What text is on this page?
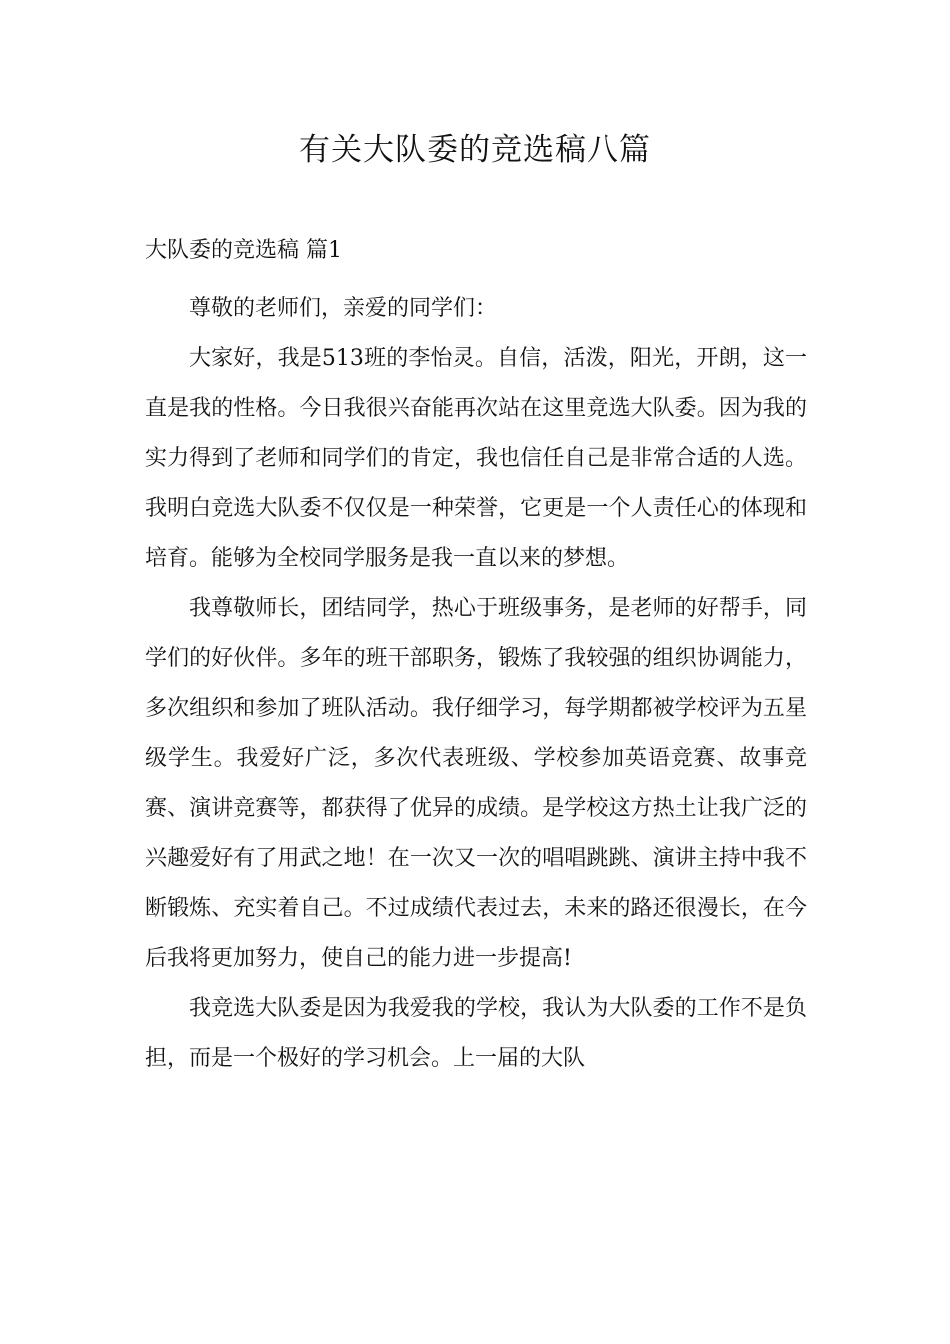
有关大队委的竞选稿八篇
大队委的竞选稿 篇1

尊敬的老师们，亲爱的同学们：

大家好，我是513班的李怡灵。自信，活泼，阳光，开朗，这一直是我的性格。今日我很兴奋能再次站在这里竞选大队委。因为我的实力得到了老师和同学们的肯定，我也信任自己是非常合适的人选。我明白竞选大队委不仅仅是一种荣誉，它更是一个人责任心的体现和培育。能够为全校同学服务是我一直以来的梦想。

我尊敬师长，团结同学，热心于班级事务，是老师的好帮手，同学们的好伙伴。多年的班干部职务，锻炼了我较强的组织协调能力，多次组织和参加了班队活动。我仔细学习，每学期都被学校评为五星级学生。我爱好广泛，多次代表班级、学校参加英语竞赛、故事竞赛、演讲竞赛等，都获得了优异的成绩。是学校这方热土让我广泛的兴趣爱好有了用武之地！在一次又一次的唱唱跳跳、演讲主持中我不断锻炼、充实着自己。不过成绩代表过去，未来的路还很漫长，在今后我将更加努力，使自己的能力进一步提高!

我竞选大队委是因为我爱我的学校，我认为大队委的工作不是负担，而是一个极好的学习机会。上一届的大队
